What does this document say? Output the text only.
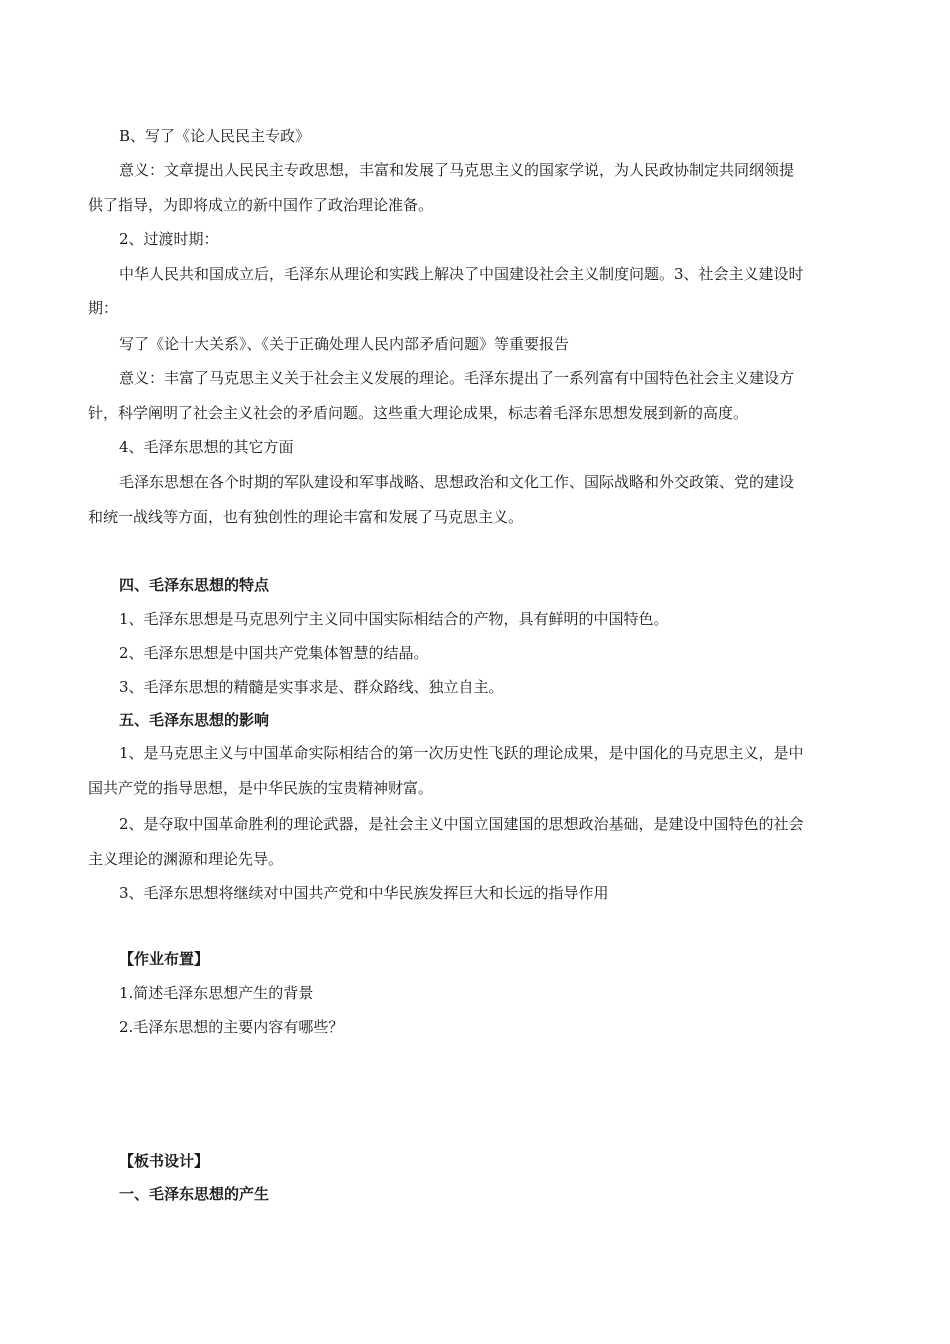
B、写了《论人民民主专政》
意义：文章提出人民民主专政思想，丰富和发展了马克思主义的国家学说，为人民政协制定共同纲领提
供了指导，为即将成立的新中国作了政治理论准备。
2、过渡时期：
中华人民共和国成立后，毛泽东从理论和实践上解决了中国建设社会主义制度问题。3、社会主义建设时
期：
写了《论十大关系》、《关于正确处理人民内部矛盾问题》等重要报告
意义：丰富了马克思主义关于社会主义发展的理论。毛泽东提出了一系列富有中国特色社会主义建设方
针，科学阐明了社会主义社会的矛盾问题。这些重大理论成果，标志着毛泽东思想发展到新的高度。
4、毛泽东思想的其它方面
毛泽东思想在各个时期的军队建设和军事战略、思想政治和文化工作、国际战略和外交政策、党的建设
和统一战线等方面，也有独创性的理论丰富和发展了马克思主义。
四、毛泽东思想的特点
1、毛泽东思想是马克思列宁主义同中国实际相结合的产物，具有鲜明的中国特色。
2、毛泽东思想是中国共产党集体智慧的结晶。
3、毛泽东思想的精髓是实事求是、群众路线、独立自主。
五、毛泽东思想的影响
1、是马克思主义与中国革命实际相结合的第一次历史性飞跃的理论成果，是中国化的马克思主义，是中
国共产党的指导思想，是中华民族的宝贵精神财富。
2、是夺取中国革命胜利的理论武器，是社会主义中国立国建国的思想政治基础，是建设中国特色的社会
主义理论的渊源和理论先导。
3、毛泽东思想将继续对中国共产党和中华民族发挥巨大和长远的指导作用
【作业布置】
1.简述毛泽东思想产生的背景
2.毛泽东思想的主要内容有哪些？
【板书设计】
一、毛泽东思想的产生
